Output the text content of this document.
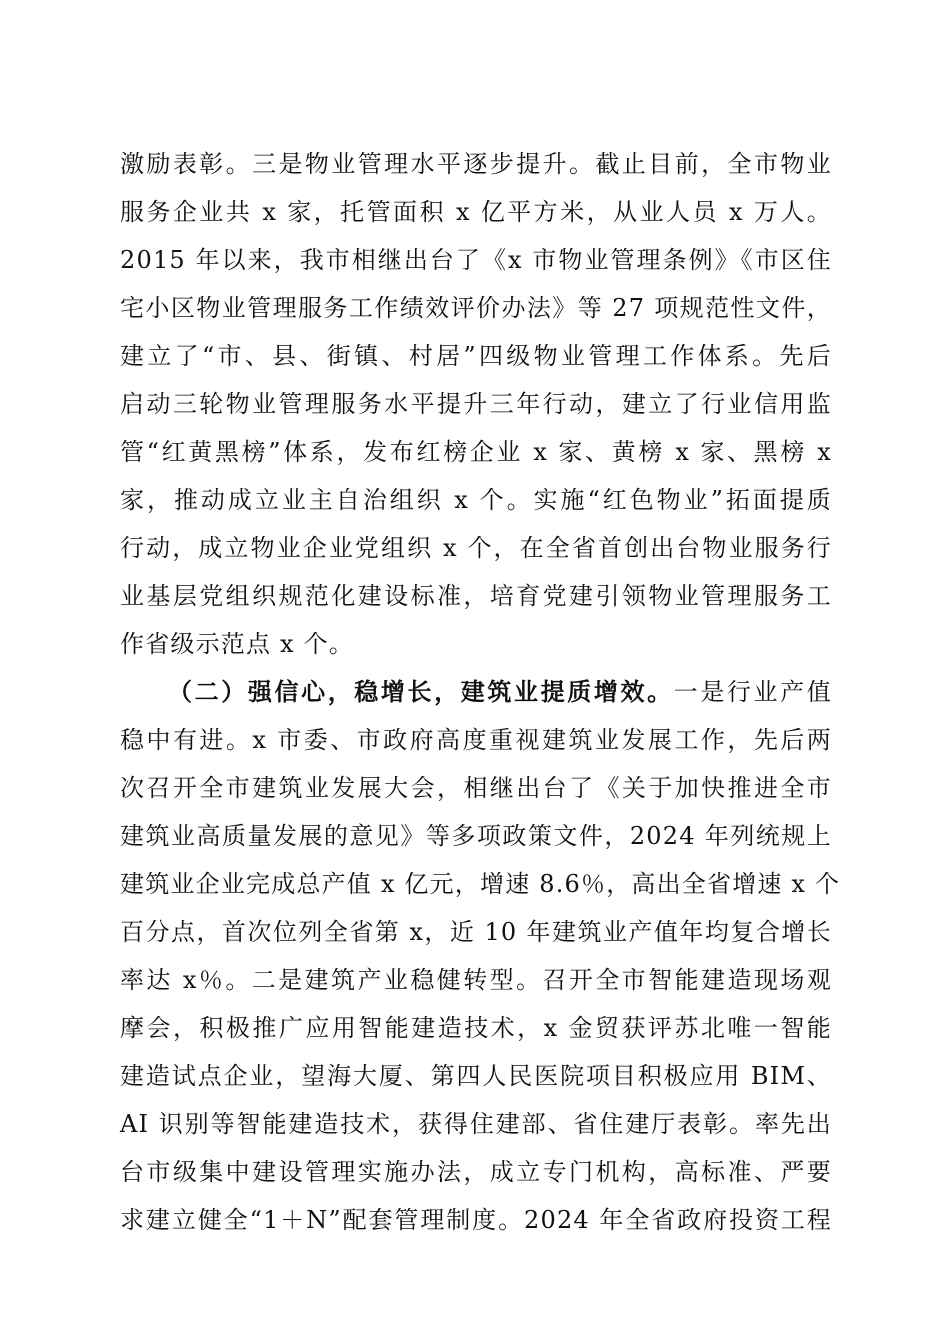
激励表彰。三是物业管理水平逐步提升。截止目前，全市物业
服务企业共 x 家，托管面积 x 亿平方米，从业人员 x 万人。
2015 年以来，我市相继出台了《x 市物业管理条例》《市区住
宅小区物业管理服务工作绩效评价办法》等 27 项规范性文件，
建立了“市、县、街镇、村居”四级物业管理工作体系。先后
启动三轮物业管理服务水平提升三年行动，建立了行业信用监
管“红黄黑榜”体系，发布红榜企业 x 家、黄榜 x 家、黑榜 x
家，推动成立业主自治组织 x 个。实施“红色物业”拓面提质
行动，成立物业企业党组织 x 个，在全省首创出台物业服务行
业基层党组织规范化建设标准，培育党建引领物业管理服务工
作省级示范点 x 个。
（二）强信心，稳增长，建筑业提质增效。一是行业产值
稳中有进。x 市委、市政府高度重视建筑业发展工作，先后两
次召开全市建筑业发展大会，相继出台了《关于加快推进全市
建筑业高质量发展的意见》等多项政策文件，2024 年列统规上
建筑业企业完成总产值 x 亿元，增速 8.6％，高出全省增速 x 个
百分点，首次位列全省第 x，近 10 年建筑业产值年均复合增长
率达 x％。二是建筑产业稳健转型。召开全市智能建造现场观
摩会，积极推广应用智能建造技术，x 金贸获评苏北唯一智能
建造试点企业，望海大厦、第四人民医院项目积极应用 BIM、
AI 识别等智能建造技术，获得住建部、省住建厅表彰。率先出
台市级集中建设管理实施办法，成立专门机构，高标准、严要
求建立健全“1＋N”配套管理制度。2024 年全省政府投资工程
